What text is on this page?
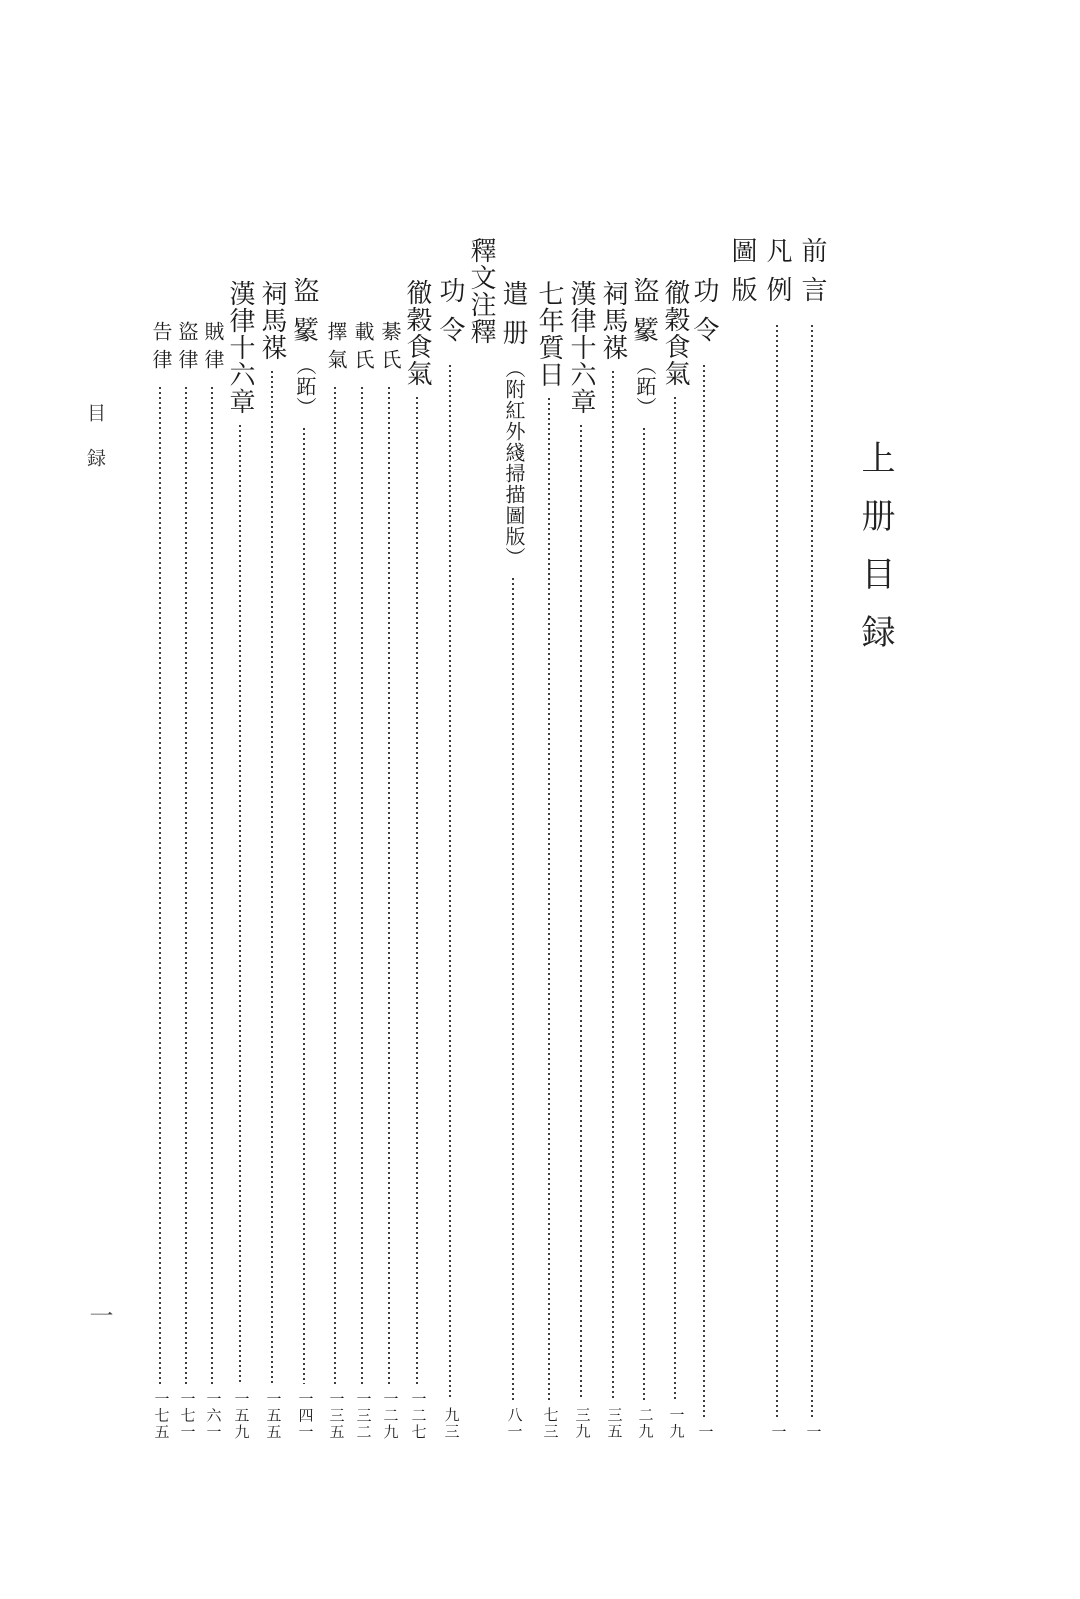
上册目録
目録
一
前言
一
凡例
一
圖版
功令
一
徹穀食氣
一九
盜𧲜
（跖）
二九
祠馬禖
三五
漢律十六章
三九
七年質日
七三
遣册
（附紅外綫掃描圖版）
八一
釋文注釋
功令
九三
徹穀食氣
一二七
綦氏
一二九
載氏
一三二
擇氣
一三五
盜𧲜
（跖）
一四一
祠馬禖
一五五
漢律十六章
一五九
賊律
一六一
盜律
一七一
告律
一七五
